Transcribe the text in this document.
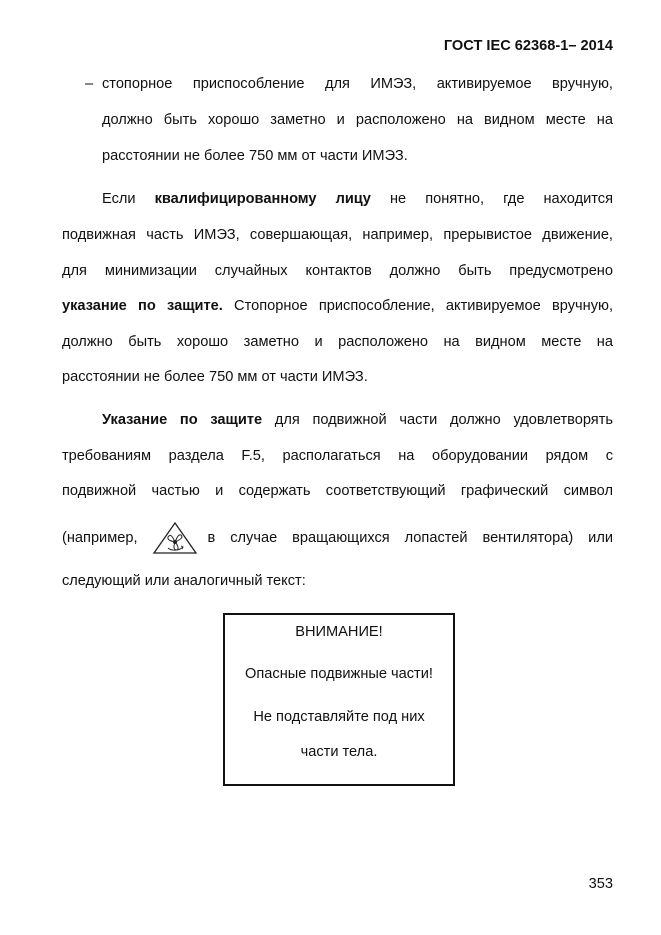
ГОСТ IEC 62368-1– 2014
– стопорное приспособление для ИМЭЗ, активируемое вручную,

должно быть хорошо заметно и расположено на видном месте на

расстоянии не более 750 мм от части ИМЭЗ.

Если квалифицированному лицу не понятно, где находится

подвижная часть ИМЭЗ, совершающая, например, прерывистое движение,

для минимизации случайных контактов должно быть предусмотрено

указание по защите. Стопорное приспособление, активируемое вручную,

должно быть хорошо заметно и расположено на видном месте на

расстоянии не более 750 мм от части ИМЭЗ.

Указание по защите для подвижной части должно удовлетворять

требованиям раздела F.5, располагаться на оборудовании рядом с

подвижной частью и содержать соответствующий графический символ

(например,	в случае вращающихся лопастей вентилятора) или

следующий или аналогичный текст:

ВНИМАНИЕ!
Опасные подвижные части!
Не подставляйте под них
части тела.
353
